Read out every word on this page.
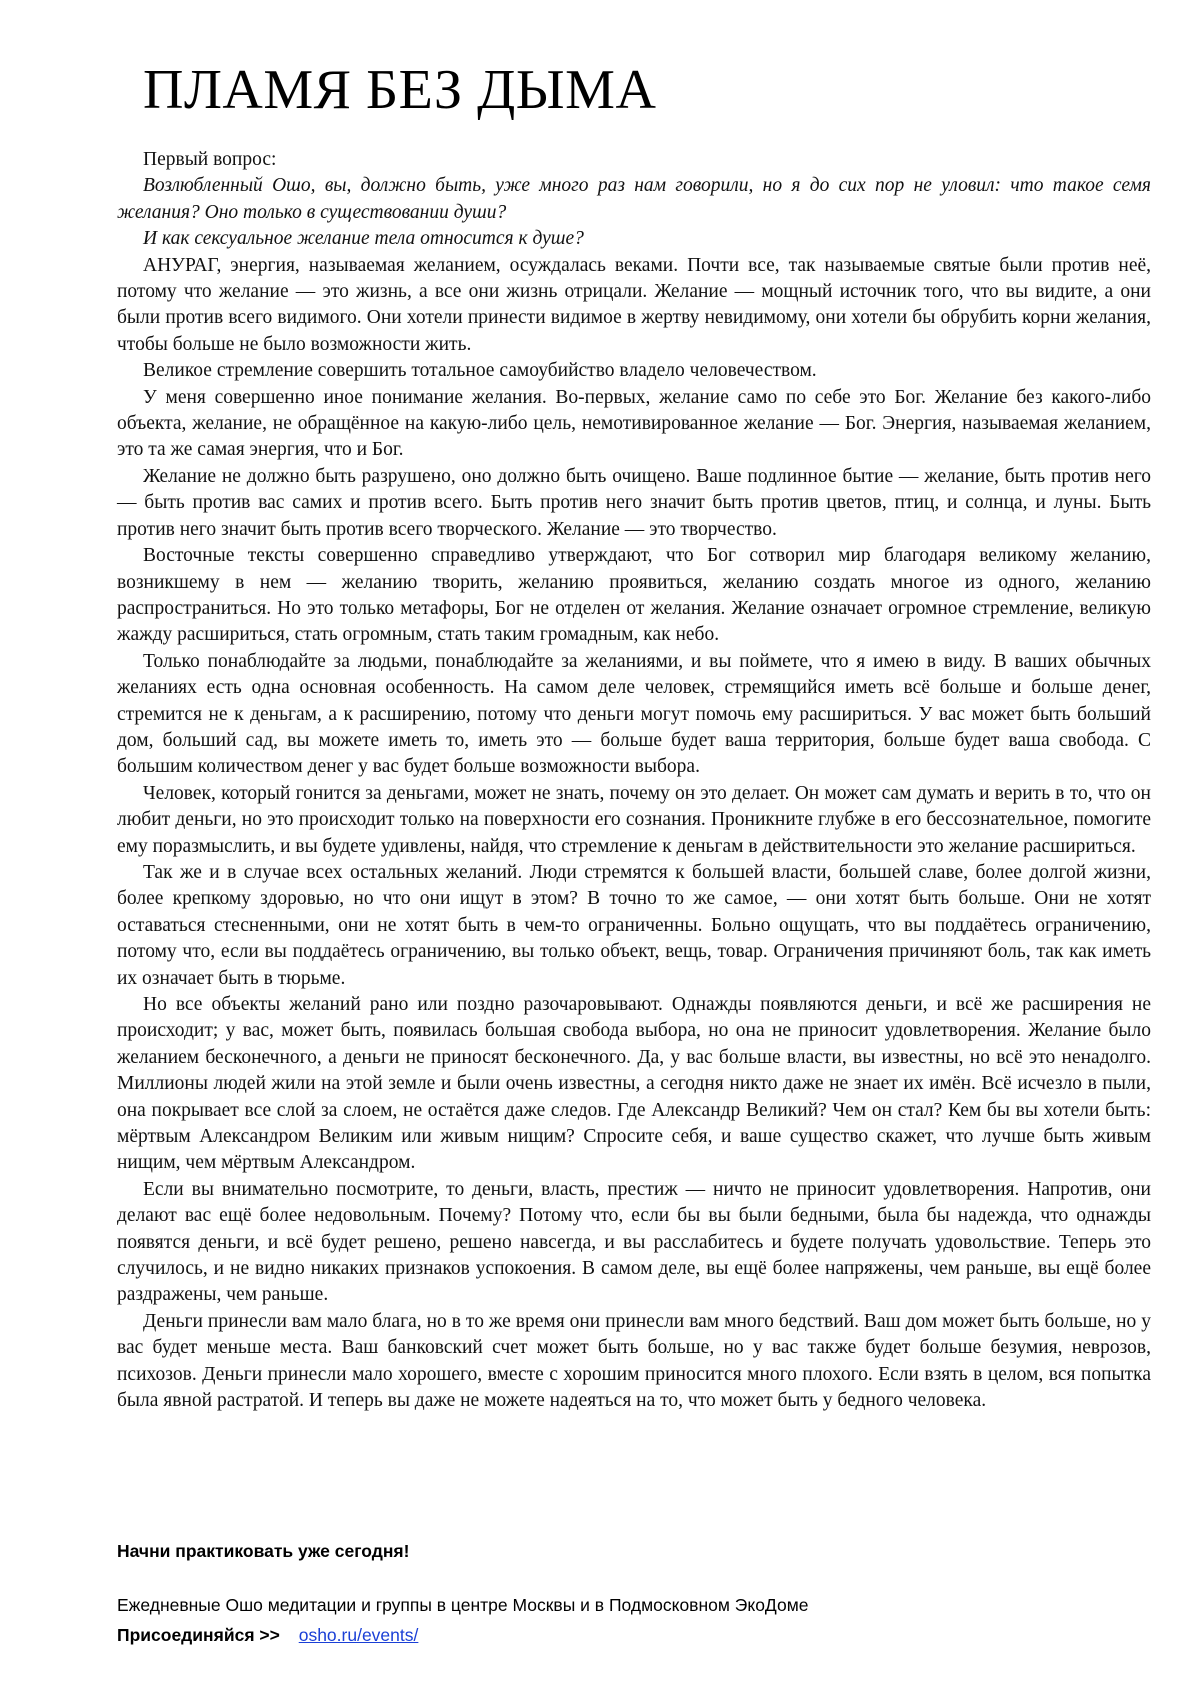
ПЛАМЯ БЕЗ ДЫМА

Первый вопрос:

Возлюбленный Ошо, вы, должно быть, уже много раз нам говорили, но я до сих пор не уловил: что такое семя желания? Оно только в существовании души?

И как сексуальное желание тела относится к душе?

АНУРАГ, энергия, называемая желанием, осуждалась веками. Почти все, так называемые святые были против неё, потому что желание — это жизнь, а все они жизнь отрицали. Желание — мощный источник того, что вы видите, а они были против всего видимого. Они хотели принести видимое в жертву невидимому, они хотели бы обрубить корни желания, чтобы больше не было возможности жить.

Великое стремление совершить тотальное самоубийство владело человечеством.

У меня совершенно иное понимание желания. Во-первых, желание само по себе это Бог. Желание без какого-либо объекта, желание, не обращённое на какую-либо цель, немотивированное желание — Бог. Энергия, называемая желанием, это та же самая энергия, что и Бог.

Желание не должно быть разрушено, оно должно быть очищено. Ваше подлинное бытие — желание, быть против него — быть против вас самих и против всего. Быть против него значит быть против цветов, птиц, и солнца, и луны. Быть против него значит быть против всего творческого. Желание — это творчество.

Восточные тексты совершенно справедливо утверждают, что Бог сотворил мир благодаря великому желанию, возникшему в нем — желанию творить, желанию проявиться, желанию создать многое из одного, желанию распространиться. Но это только метафоры, Бог не отделен от желания. Желание означает огромное стремление, великую жажду расшириться, стать огромным, стать таким громадным, как небо.

Только понаблюдайте за людьми, понаблюдайте за желаниями, и вы поймете, что я имею в виду. В ваших обычных желаниях есть одна основная особенность. На самом деле человек, стремящийся иметь всё больше и больше денег, стремится не к деньгам, а к расширению, потому что деньги могут помочь ему расшириться. У вас может быть больший дом, больший сад, вы можете иметь то, иметь это — больше будет ваша территория, больше будет ваша свобода. С большим количеством денег у вас будет больше возможности выбора.

Человек, который гонится за деньгами, может не знать, почему он это делает. Он может сам думать и верить в то, что он любит деньги, но это происходит только на поверхности его сознания. Проникните глубже в его бессознательное, помогите ему поразмыслить, и вы будете удивлены, найдя, что стремление к деньгам в действительности это желание расшириться.

Так же и в случае всех остальных желаний. Люди стремятся к большей власти, большей славе, более долгой жизни, более крепкому здоровью, но что они ищут в этом? В точно то же самое, — они хотят быть больше. Они не хотят оставаться стесненными, они не хотят быть в чем-то ограниченны. Больно ощущать, что вы поддаётесь ограничению, потому что, если вы поддаётесь ограничению, вы только объект, вещь, товар. Ограничения причиняют боль, так как иметь их означает быть в тюрьме.

Но все объекты желаний рано или поздно разочаровывают. Однажды появляются деньги, и всё же расширения не происходит; у вас, может быть, появилась большая свобода выбора, но она не приносит удовлетворения. Желание было желанием бесконечного, а деньги не приносят бесконечного. Да, у вас больше власти, вы известны, но всё это ненадолго. Миллионы людей жили на этой земле и были очень известны, а сегодня никто даже не знает их имён. Всё исчезло в пыли, она покрывает все слой за слоем, не остаётся даже следов. Где Александр Великий? Чем он стал? Кем бы вы хотели быть: мёртвым Александром Великим или живым нищим? Спросите себя, и ваше существо скажет, что лучше быть живым нищим, чем мёртвым Александром.

Если вы внимательно посмотрите, то деньги, власть, престиж — ничто не приносит удовлетворения. Напротив, они делают вас ещё более недовольным. Почему? Потому что, если бы вы были бедными, была бы надежда, что однажды появятся деньги, и всё будет решено, решено навсегда, и вы расслабитесь и будете получать удовольствие. Теперь это случилось, и не видно никаких признаков успокоения. В самом деле, вы ещё более напряжены, чем раньше, вы ещё более раздражены, чем раньше.

Деньги принесли вам мало блага, но в то же время они принесли вам много бедствий. Ваш дом может быть больше, но у вас будет меньше места. Ваш банковский счет может быть больше, но у вас также будет больше безумия, неврозов, психозов. Деньги принесли мало хорошего, вместе с хорошим приносится много плохого. Если взять в целом, вся попытка была явной растратой. И теперь вы даже не можете надеяться на то, что может быть у бедного человека.

Начни практиковать уже сегодня!

Ежедневные Ошо медитации и группы в центре Москвы и в Подмосковном ЭкоДоме

Присоединяйся >> osho.ru/events/
